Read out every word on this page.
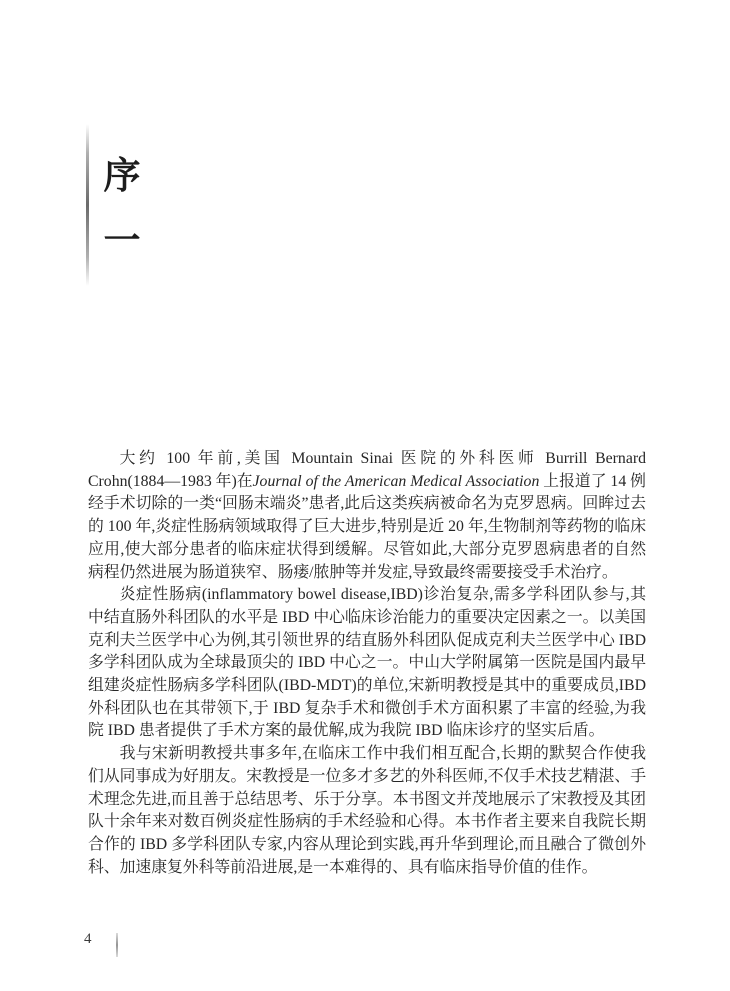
序
一

大约 100 年前,美国 Mountain Sinai 医院的外科医师 Burrill Bernard Crohn(1884—1983 年)在Journal of the American Medical Association 上报道了 14 例经手术切除的一类“回肠末端炎”患者,此后这类疾病被命名为克罗恩病。回眸过去的 100 年,炎症性肠病领域取得了巨大进步,特别是近 20 年,生物制剂等药物的临床应用,使大部分患者的临床症状得到缓解。尽管如此,大部分克罗恩病患者的自然病程仍然进展为肠道狭窄、肠瘘/脓肿等并发症,导致最终需要接受手术治疗。

炎症性肠病(inflammatory bowel disease,IBD)诊治复杂,需多学科团队参与,其中结直肠外科团队的水平是 IBD 中心临床诊治能力的重要决定因素之一。以美国克利夫兰医学中心为例,其引领世界的结直肠外科团队促成克利夫兰医学中心 IBD 多学科团队成为全球最顶尖的 IBD 中心之一。中山大学附属第一医院是国内最早组建炎症性肠病多学科团队(IBD-MDT)的单位,宋新明教授是其中的重要成员,IBD 外科团队也在其带领下,于 IBD 复杂手术和微创手术方面积累了丰富的经验,为我院 IBD 患者提供了手术方案的最优解,成为我院 IBD 临床诊疗的坚实后盾。

我与宋新明教授共事多年,在临床工作中我们相互配合,长期的默契合作使我们从同事成为好朋友。宋教授是一位多才多艺的外科医师,不仅手术技艺精湛、手术理念先进,而且善于总结思考、乐于分享。本书图文并茂地展示了宋教授及其团队十余年来对数百例炎症性肠病的手术经验和心得。本书作者主要来自我院长期合作的 IBD 多学科团队专家,内容从理论到实践,再升华到理论,而且融合了微创外科、加速康复外科等前沿进展,是一本难得的、具有临床指导价值的佳作。

4
